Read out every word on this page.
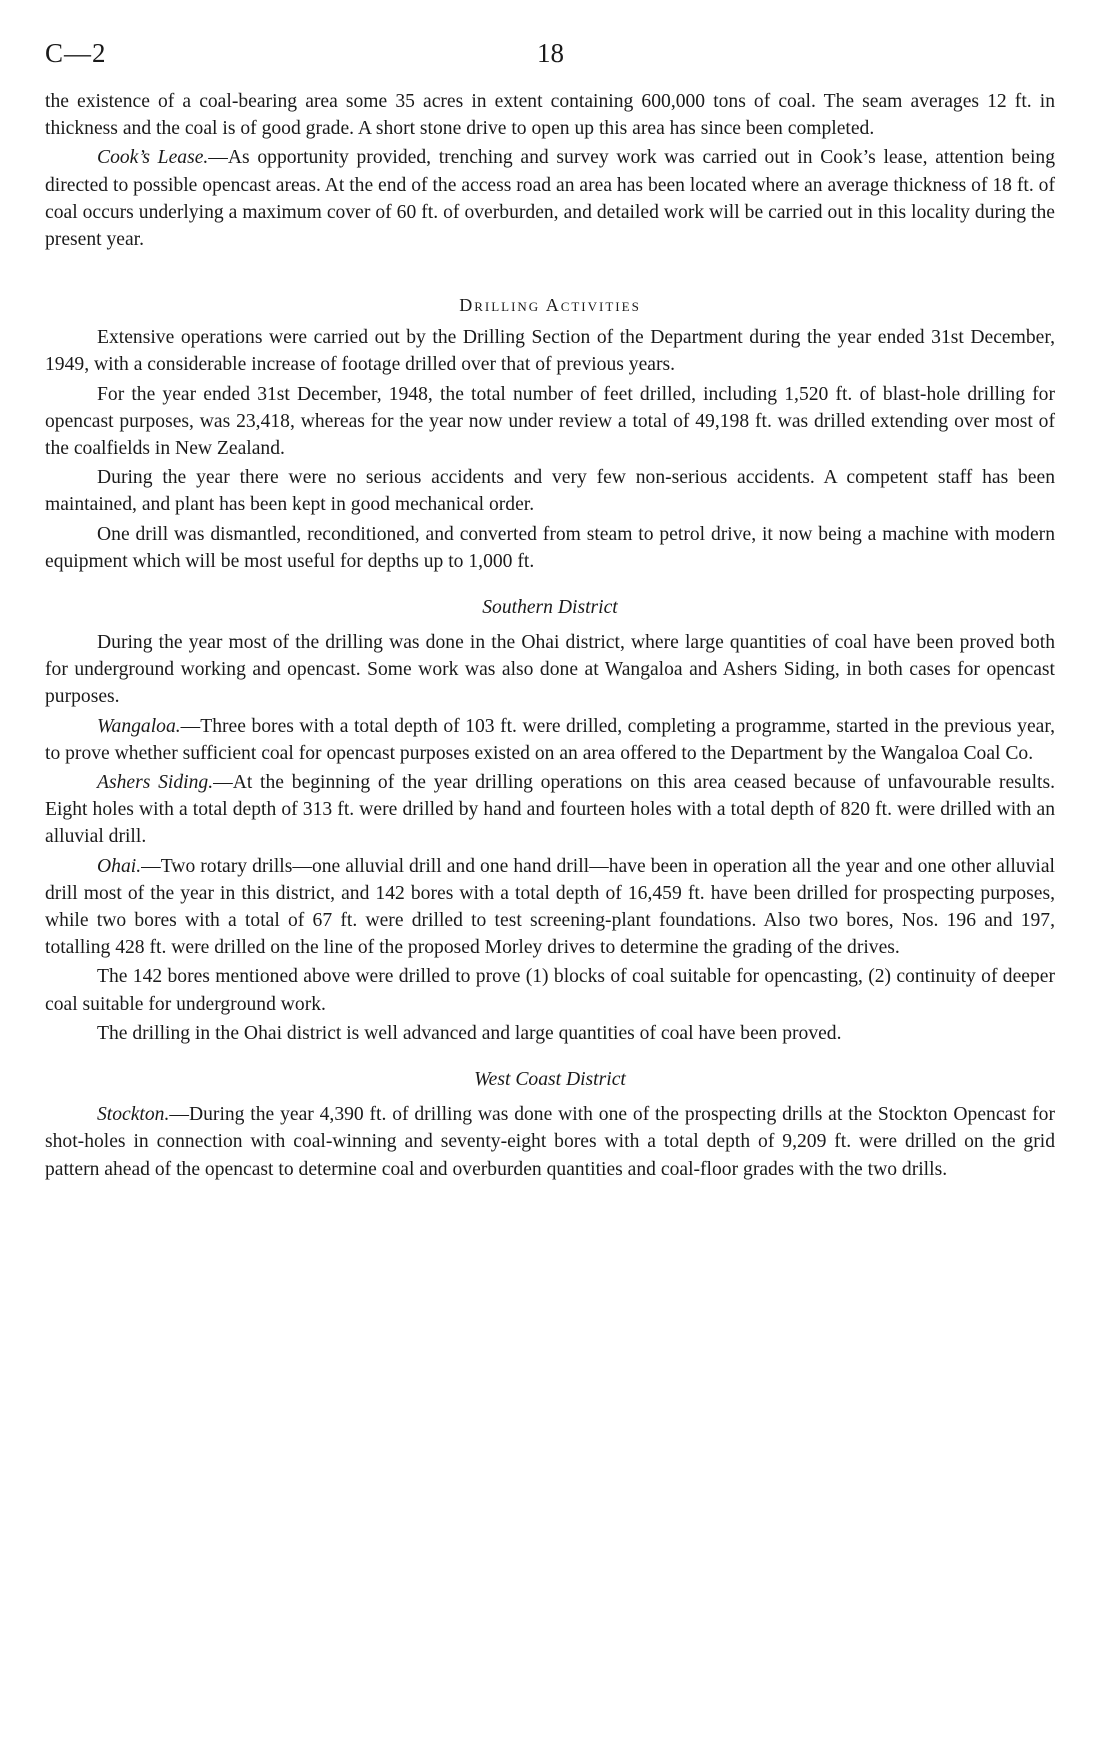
C—2	18

the existence of a coal-bearing area some 35 acres in extent containing 600,000 tons of coal. The seam averages 12 ft. in thickness and the coal is of good grade. A short stone drive to open up this area has since been completed.

Cook’s Lease.—As opportunity provided, trenching and survey work was carried out in Cook’s lease, attention being directed to possible opencast areas. At the end of the access road an area has been located where an average thickness of 18 ft. of coal occurs underlying a maximum cover of 60 ft. of overburden, and detailed work will be carried out in this locality during the present year.

Drilling Activities

Extensive operations were carried out by the Drilling Section of the Department during the year ended 31st December, 1949, with a considerable increase of footage drilled over that of previous years.

For the year ended 31st December, 1948, the total number of feet drilled, including 1,520 ft. of blast-hole drilling for opencast purposes, was 23,418, whereas for the year now under review a total of 49,198 ft. was drilled extending over most of the coalfields in New Zealand.

During the year there were no serious accidents and very few non-serious accidents. A competent staff has been maintained, and plant has been kept in good mechanical order.

One drill was dismantled, reconditioned, and converted from steam to petrol drive, it now being a machine with modern equipment which will be most useful for depths up to 1,000 ft.

Southern District

During the year most of the drilling was done in the Ohai district, where large quantities of coal have been proved both for underground working and opencast. Some work was also done at Wangaloa and Ashers Siding, in both cases for opencast purposes.

Wangaloa.—Three bores with a total depth of 103 ft. were drilled, completing a programme, started in the previous year, to prove whether sufficient coal for opencast purposes existed on an area offered to the Department by the Wangaloa Coal Co.

Ashers Siding.—At the beginning of the year drilling operations on this area ceased because of unfavourable results. Eight holes with a total depth of 313 ft. were drilled by hand and fourteen holes with a total depth of 820 ft. were drilled with an alluvial drill.

Ohai.—Two rotary drills—one alluvial drill and one hand drill—have been in operation all the year and one other alluvial drill most of the year in this district, and 142 bores with a total depth of 16,459 ft. have been drilled for prospecting purposes, while two bores with a total of 67 ft. were drilled to test screening-plant foundations. Also two bores, Nos. 196 and 197, totalling 428 ft. were drilled on the line of the proposed Morley drives to determine the grading of the drives.

The 142 bores mentioned above were drilled to prove (1) blocks of coal suitable for opencasting, (2) continuity of deeper coal suitable for underground work.

The drilling in the Ohai district is well advanced and large quantities of coal have been proved.

West Coast District

Stockton.—During the year 4,390 ft. of drilling was done with one of the prospecting drills at the Stockton Opencast for shot-holes in connection with coal-winning and seventy-eight bores with a total depth of 9,209 ft. were drilled on the grid pattern ahead of the opencast to determine coal and overburden quantities and coal-floor grades with the two drills.
